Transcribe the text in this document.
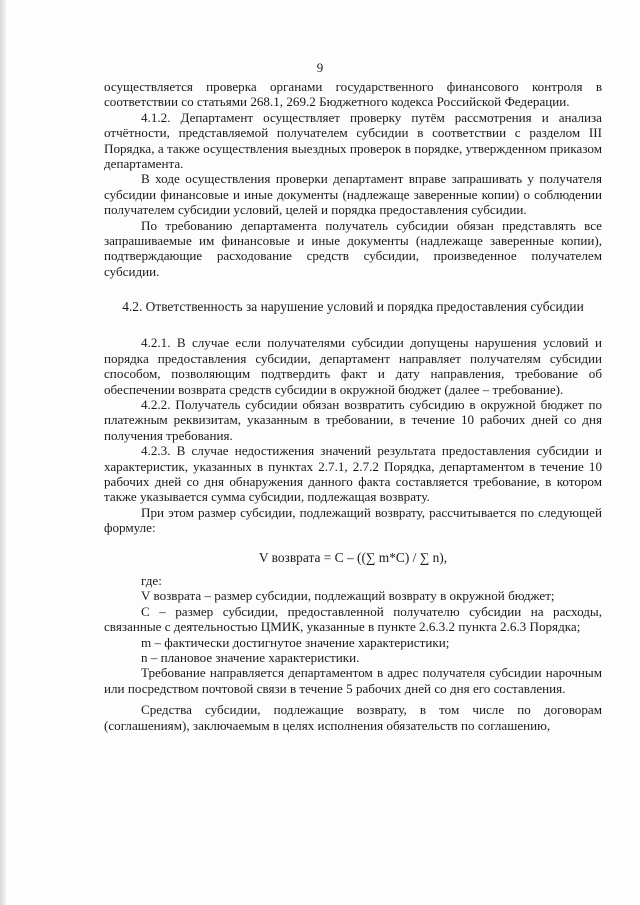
9

осуществляется проверка органами государственного финансового контроля в соответствии со статьями 268.1, 269.2 Бюджетного кодекса Российской Федерации.

4.1.2. Департамент осуществляет проверку путём рассмотрения и анализа отчётности, представляемой получателем субсидии в соответствии с разделом III Порядка, а также осуществления выездных проверок в порядке, утвержденном приказом департамента.

В ходе осуществления проверки департамент вправе запрашивать у получателя субсидии финансовые и иные документы (надлежаще заверенные копии) о соблюдении получателем субсидии условий, целей и порядка предоставления субсидии.

По требованию департамента получатель субсидии обязан представлять все запрашиваемые им финансовые и иные документы (надлежаще заверенные копии), подтверждающие расходование средств субсидии, произведенное получателем субсидии.

4.2. Ответственность за нарушение условий и порядка предоставления субсидии

4.2.1. В случае если получателями субсидии допущены нарушения условий и порядка предоставления субсидии, департамент направляет получателям субсидии способом, позволяющим подтвердить факт и дату направления, требование об обеспечении возврата средств субсидии в окружной бюджет (далее – требование).

4.2.2. Получатель субсидии обязан возвратить субсидию в окружной бюджет по платежным реквизитам, указанным в требовании, в течение 10 рабочих дней со дня получения требования.

4.2.3. В случае недостижения значений результата предоставления субсидии и характеристик, указанных в пунктах 2.7.1, 2.7.2 Порядка, департаментом в течение 10 рабочих дней со дня обнаружения данного факта составляется требование, в котором также указывается сумма субсидии, подлежащая возврату.

При этом размер субсидии, подлежащий возврату, рассчитывается по следующей формуле:

V возврата = C – ((∑ m*C) / ∑ n),

где:

V возврата – размер субсидии, подлежащий возврату в окружной бюджет;

C – размер субсидии, предоставленной получателю субсидии на расходы, связанные с деятельностью ЦМИК, указанные в пункте 2.6.3.2 пункта 2.6.3 Порядка;

m – фактически достигнутое значение характеристики;

n – плановое значение характеристики.

Требование направляется департаментом в адрес получателя субсидии нарочным или посредством почтовой связи в течение 5 рабочих дней со дня его составления.

Средства субсидии, подлежащие возврату, в том числе по договорам (соглашениям), заключаемым в целях исполнения обязательств по соглашению,
